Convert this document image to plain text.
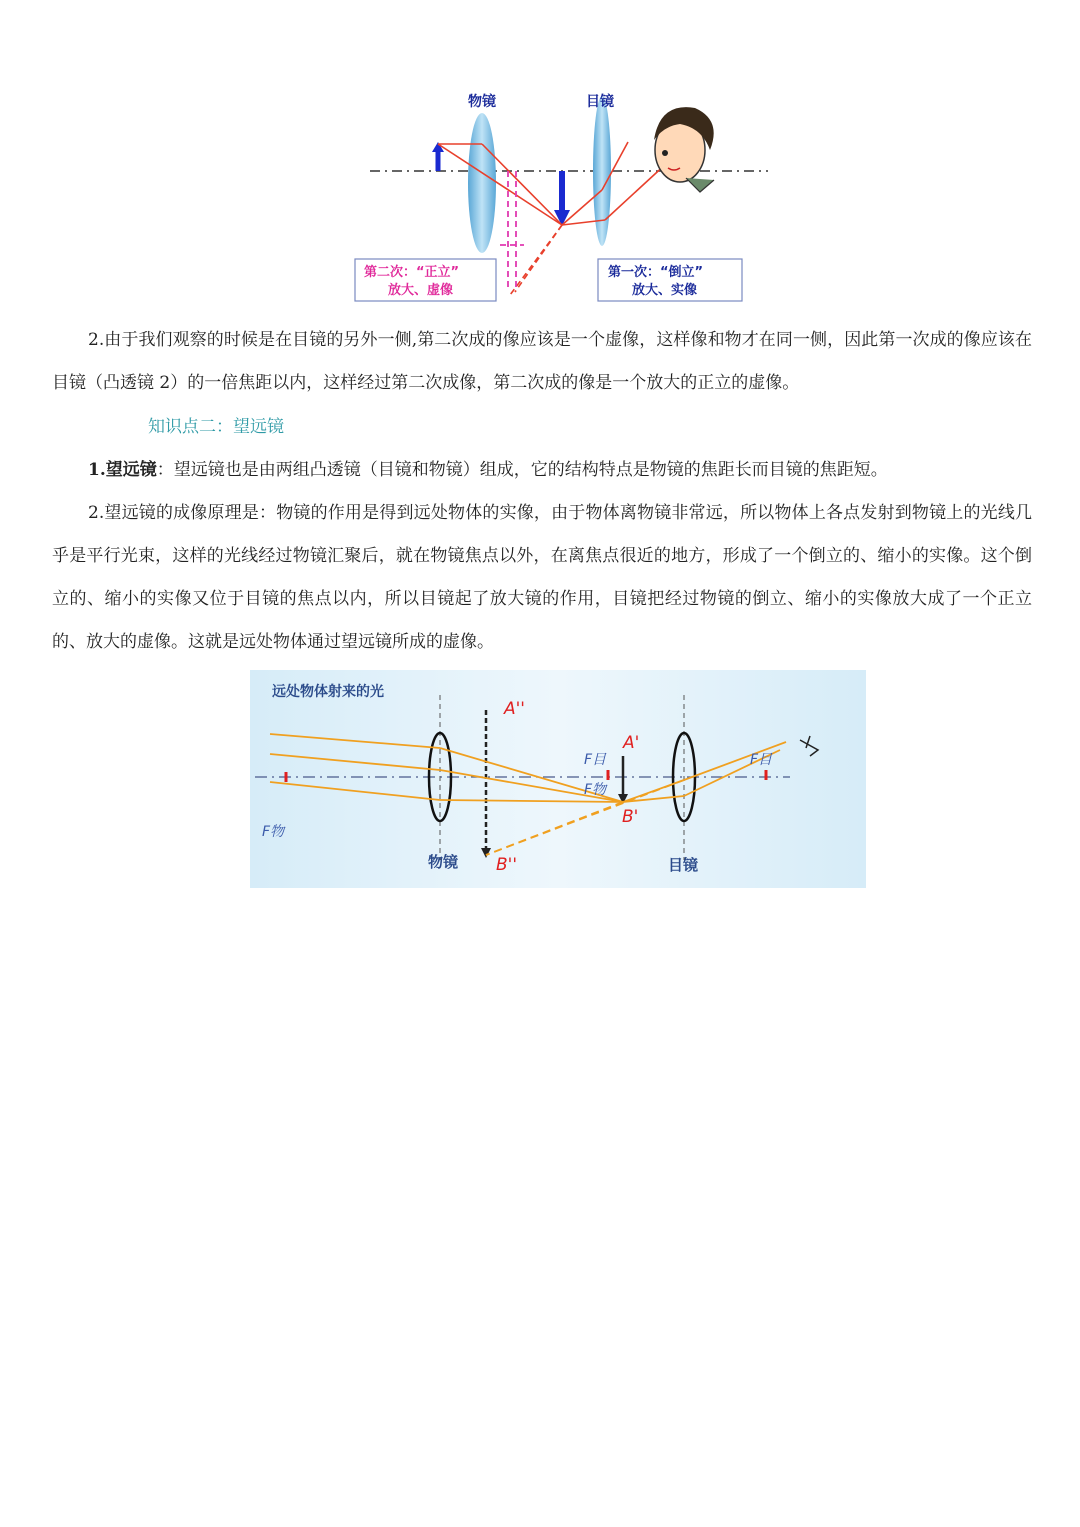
物镜	目镜
第二次：“正立”
放大、虚像
第一次：“倒立”
放大、实像

2.由于我们观察的时候是在目镜的另外一侧,第二次成的像应该是一个虚像，这样像和物才在同一侧，因此第一次成的像应该在目镜（凸透镜 2）的一倍焦距以内，这样经过第二次成像，第二次成的像是一个放大的正立的虚像。

知识点二：望远镜

1.望远镜：望远镜也是由两组凸透镜（目镜和物镜）组成，它的结构特点是物镜的焦距长而目镜的焦距短。

2.望远镜的成像原理是：物镜的作用是得到远处物体的实像，由于物体离物镜非常远，所以物体上各点发射到物镜上的光线几乎是平行光束，这样的光线经过物镜汇聚后，就在物镜焦点以外，在离焦点很近的地方，形成了一个倒立的、缩小的实像。这个倒立的、缩小的实像又位于目镜的焦点以内，所以目镜起了放大镜的作用，目镜把经过物镜的倒立、缩小的实像放大成了一个正立的、放大的虚像。这就是远处物体通过望远镜所成的虚像。

远处物体射来的光
物镜	目镜
A''
B''
A'
B'
F物
F物
F目	F目
